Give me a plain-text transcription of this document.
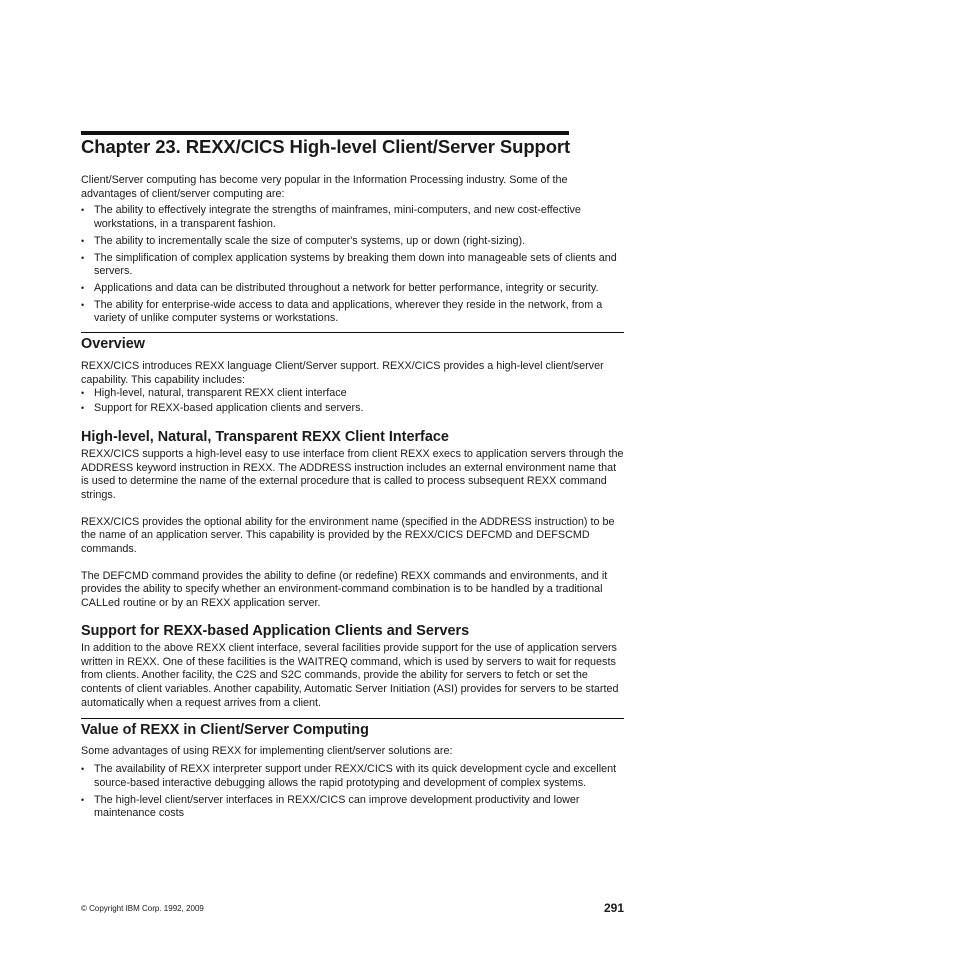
Chapter 23. REXX/CICS High-level Client/Server Support

Client/Server computing has become very popular in the Information Processing industry. Some of the advantages of client/server computing are:

• The ability to effectively integrate the strengths of mainframes, mini-computers, and new cost-effective workstations, in a transparent fashion.
• The ability to incrementally scale the size of computer's systems, up or down (right-sizing).
• The simplification of complex application systems by breaking them down into manageable sets of clients and servers.
• Applications and data can be distributed throughout a network for better performance, integrity or security.
• The ability for enterprise-wide access to data and applications, wherever they reside in the network, from a variety of unlike computer systems or workstations.
Overview

REXX/CICS introduces REXX language Client/Server support. REXX/CICS provides a high-level client/server capability. This capability includes:

• High-level, natural, transparent REXX client interface
• Support for REXX-based application clients and servers.
High-level, Natural, Transparent REXX Client Interface

REXX/CICS supports a high-level easy to use interface from client REXX execs to application servers through the ADDRESS keyword instruction in REXX. The ADDRESS instruction includes an external environment name that is used to determine the name of the external procedure that is called to process subsequent REXX command strings.

REXX/CICS provides the optional ability for the environment name (specified in the ADDRESS instruction) to be the name of an application server. This capability is provided by the REXX/CICS DEFCMD and DEFSCMD commands.

The DEFCMD command provides the ability to define (or redefine) REXX commands and environments, and it provides the ability to specify whether an environment-command combination is to be handled by a traditional CALLed routine or by an REXX application server.

Support for REXX-based Application Clients and Servers

In addition to the above REXX client interface, several facilities provide support for the use of application servers written in REXX. One of these facilities is the WAITREQ command, which is used by servers to wait for requests from clients. Another facility, the C2S and S2C commands, provide the ability for servers to fetch or set the contents of client variables. Another capability, Automatic Server Initiation (ASI) provides for servers to be started automatically when a request arrives from a client.

Value of REXX in Client/Server Computing

Some advantages of using REXX for implementing client/server solutions are:

• The availability of REXX interpreter support under REXX/CICS with its quick development cycle and excellent source-based interactive debugging allows the rapid prototyping and development of complex systems.
• The high-level client/server interfaces in REXX/CICS can improve development productivity and lower maintenance costs
© Copyright IBM Corp. 1992, 2009	291
